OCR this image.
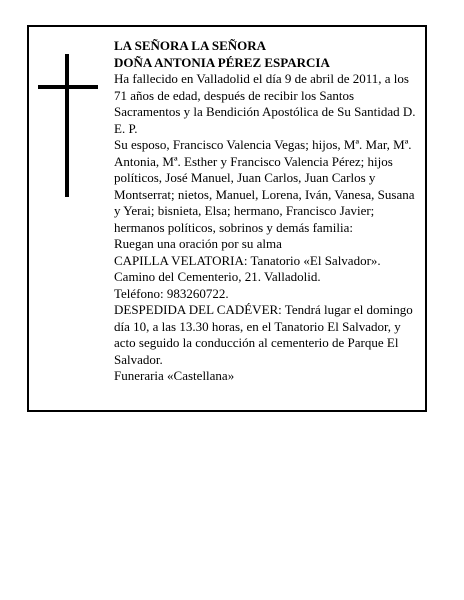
LA SEÑORA LA SEÑORA

DOÑA ANTONIA PÉREZ ESPARCIA

Ha fallecido en Valladolid el día 9 de abril de 2011, a los 71 años de edad, después de recibir los Santos Sacramentos y la Bendición Apostólica de Su Santidad D. E. P.

Su esposo, Francisco Valencia Vegas; hijos, Mª. Mar, Mª. Antonia, Mª. Esther y Francisco Valencia Pérez; hijos políticos, José Manuel, Juan Carlos, Juan Carlos y Montserrat; nietos, Manuel, Lorena, Iván, Vanesa, Susana y Yerai; bisnieta, Elsa; hermano, Francisco Javier; hermanos políticos, sobrinos y demás familia:

Ruegan una oración por su alma

CAPILLA VELATORIA: Tanatorio «El Salvador».

Camino del Cementerio, 21. Valladolid.

Teléfono: 983260722.

DESPEDIDA DEL CADÉVER: Tendrá lugar el domingo día 10, a las 13.30 horas, en el Tanatorio El Salvador, y acto seguido la conducción al cementerio de Parque El Salvador.

Funeraria «Castellana»
